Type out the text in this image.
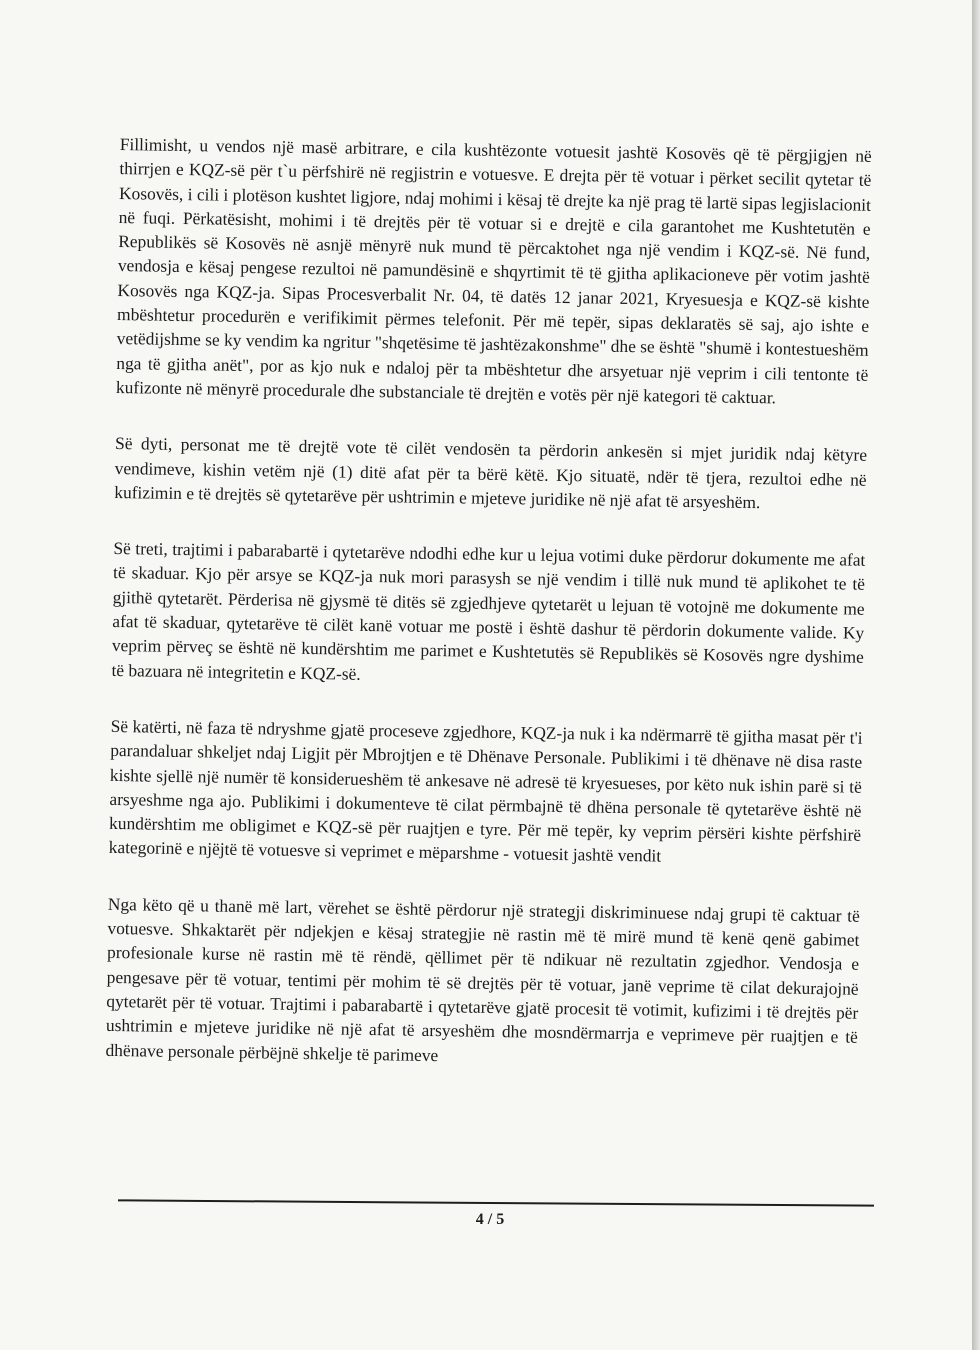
Fillimisht, u vendos një masë arbitrare, e cila kushtëzonte votuesit jashtë Kosovës që të përgjigjen në thirrjen e KQZ-së për t`u përfshirë në regjistrin e votuesve. E drejta për të votuar i përket secilit qytetar të Kosovës, i cili i plotëson kushtet ligjore, ndaj mohimi i kësaj të drejte ka një prag të lartë sipas legjislacionit në fuqi. Përkatësisht, mohimi i të drejtës për të votuar si e drejtë e cila garantohet me Kushtetutën e Republikës së Kosovës në asnjë mënyrë nuk mund të përcaktohet nga një vendim i KQZ-së. Në fund, vendosja e kësaj pengese rezultoi në pamundësinë e shqyrtimit të të gjitha aplikacioneve për votim jashtë Kosovës nga KQZ-ja. Sipas Procesverbalit Nr. 04, të datës 12 janar 2021, Kryesuesja e KQZ-së kishte mbështetur procedurën e verifikimit përmes telefonit. Për më tepër, sipas deklaratës së saj, ajo ishte e vetëdijshme se ky vendim ka ngritur "shqetësime të jashtëzakonshme" dhe se është "shumë i kontestueshëm nga të gjitha anët", por as kjo nuk e ndaloj për ta mbështetur dhe arsyetuar një veprim i cili tentonte të kufizonte në mënyrë procedurale dhe substanciale të drejtën e votës për një kategori të caktuar.

Së dyti, personat me të drejtë vote të cilët vendosën ta përdorin ankesën si mjet juridik ndaj këtyre vendimeve, kishin vetëm një (1) ditë afat për ta bërë këtë. Kjo situatë, ndër të tjera, rezultoi edhe në kufizimin e të drejtës së qytetarëve për ushtrimin e mjeteve juridike në një afat të arsyeshëm.

Së treti, trajtimi i pabarabartë i qytetarëve ndodhi edhe kur u lejua votimi duke përdorur dokumente me afat të skaduar. Kjo për arsye se KQZ-ja nuk mori parasysh se një vendim i tillë nuk mund të aplikohet te të gjithë qytetarët. Përderisa në gjysmë të ditës së zgjedhjeve qytetarët u lejuan të votojnë me dokumente me afat të skaduar, qytetarëve të cilët kanë votuar me postë i është dashur të përdorin dokumente valide. Ky veprim përveç se është në kundërshtim me parimet e Kushtetutës së Republikës së Kosovës ngre dyshime të bazuara në integritetin e KQZ-së.

Së katërti, në faza të ndryshme gjatë proceseve zgjedhore, KQZ-ja nuk i ka ndërmarrë të gjitha masat për t'i parandaluar shkeljet ndaj Ligjit për Mbrojtjen e të Dhënave Personale. Publikimi i të dhënave në disa raste kishte sjellë një numër të konsiderueshëm të ankesave në adresë të kryesueses, por këto nuk ishin parë si të arsyeshme nga ajo. Publikimi i dokumenteve të cilat përmbajnë të dhëna personale të qytetarëve është në kundërshtim me obligimet e KQZ-së për ruajtjen e tyre. Për më tepër, ky veprim përsëri kishte përfshirë kategorinë e njëjtë të votuesve si veprimet e mëparshme - votuesit jashtë vendit

Nga këto që u thanë më lart, vërehet se është përdorur një strategji diskriminuese ndaj grupi të caktuar të votuesve. Shkaktarët për ndjekjen e kësaj strategjie në rastin më të mirë mund të kenë qenë gabimet profesionale kurse në rastin më të rëndë, qëllimet për të ndikuar në rezultatin zgjedhor. Vendosja e pengesave për të votuar, tentimi për mohim të së drejtës për të votuar, janë veprime të cilat dekurajojnë qytetarët për të votuar. Trajtimi i pabarabartë i qytetarëve gjatë procesit të votimit, kufizimi i të drejtës për ushtrimin e mjeteve juridike në një afat të arsyeshëm dhe mosndërmarrja e veprimeve për ruajtjen e të dhënave personale përbëjnë shkelje të parimeve

4 / 5
